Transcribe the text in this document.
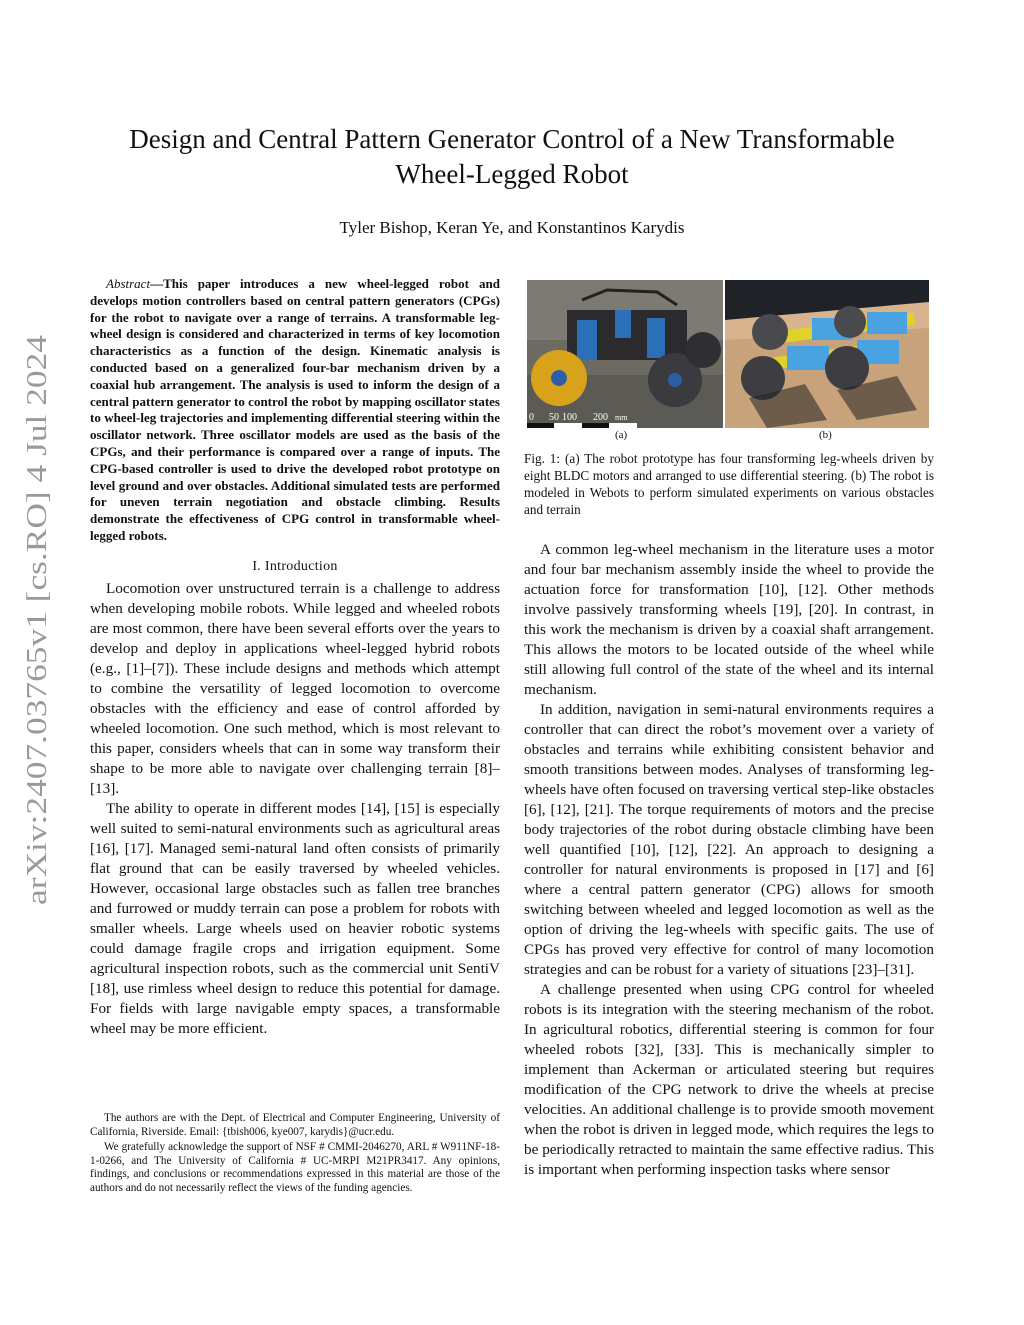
arXiv:2407.03765v1 [cs.RO] 4 Jul 2024
Design and Central Pattern Generator Control of a New Transformable
Wheel-Legged Robot
Tyler Bishop, Keran Ye, and Konstantinos Karydis

Abstract—This paper introduces a new wheel-legged robot and develops motion controllers based on central pattern generators (CPGs) for the robot to navigate over a range of terrains. A transformable leg-wheel design is considered and characterized in terms of key locomotion characteristics as a function of the design. Kinematic analysis is conducted based on a generalized four-bar mechanism driven by a coaxial hub arrangement. The analysis is used to inform the design of a central pattern generator to control the robot by mapping oscillator states to wheel-leg trajectories and implementing differential steering within the oscillator network. Three oscillator models are used as the basis of the CPGs, and their performance is compared over a range of inputs. The CPG-based controller is used to drive the developed robot prototype on level ground and over obstacles. Additional simulated tests are performed for uneven terrain negotiation and obstacle climbing. Results demonstrate the effectiveness of CPG control in transformable wheel-legged robots.

I. Introduction

Locomotion over unstructured terrain is a challenge to address when developing mobile robots. While legged and wheeled robots are most common, there have been several efforts over the years to develop and deploy in applications wheel-legged hybrid robots (e.g., [1]–[7]). These include designs and methods which attempt to combine the versatility of legged locomotion to overcome obstacles with the efficiency and ease of control afforded by wheeled locomotion. One such method, which is most relevant to this paper, considers wheels that can in some way transform their shape to be more able to navigate over challenging terrain [8]–[13].

The ability to operate in different modes [14], [15] is especially well suited to semi-natural environments such as agricultural areas [16], [17]. Managed semi-natural land often consists of primarily flat ground that can be easily traversed by wheeled vehicles. However, occasional large obstacles such as fallen tree branches and furrowed or muddy terrain can pose a problem for robots with smaller wheels. Large wheels used on heavier robotic systems could damage fragile crops and irrigation equipment. Some agricultural inspection robots, such as the commercial unit SentiV [18], use rimless wheel design to reduce this potential for damage. For fields with large navigable empty spaces, a transformable wheel may be more efficient.

The authors are with the Dept. of Electrical and Computer Engineering, University of California, Riverside. Email: {tbish006, kye007, karydis}@ucr.edu.

We gratefully acknowledge the support of NSF # CMMI-2046270, ARL # W911NF-18-1-0266, and The University of California # UC-MRPI M21PR3417. Any opinions, findings, and conclusions or recommendations expressed in this material are those of the authors and do not necessarily reflect the views of the funding agencies.

0 50 100 200 mm
(a)	(b)

Fig. 1: (a) The robot prototype has four transforming leg-wheels driven by eight BLDC motors and arranged to use differential steering. (b) The robot is modeled in Webots to perform simulated experiments on various obstacles and terrain

A common leg-wheel mechanism in the literature uses a motor and four bar mechanism assembly inside the wheel to provide the actuation force for transformation [10], [12]. Other methods involve passively transforming wheels [19], [20]. In contrast, in this work the mechanism is driven by a coaxial shaft arrangement. This allows the motors to be located outside of the wheel while still allowing full control of the state of the wheel and its internal mechanism.

In addition, navigation in semi-natural environments requires a controller that can direct the robot’s movement over a variety of obstacles and terrains while exhibiting consistent behavior and smooth transitions between modes. Analyses of transforming leg-wheels have often focused on traversing vertical step-like obstacles [6], [12], [21]. The torque requirements of motors and the precise body trajectories of the robot during obstacle climbing have been well quantified [10], [12], [22]. An approach to designing a controller for natural environments is proposed in [17] and [6] where a central pattern generator (CPG) allows for smooth switching between wheeled and legged locomotion as well as the option of driving the leg-wheels with specific gaits. The use of CPGs has proved very effective for control of many locomotion strategies and can be robust for a variety of situations [23]–[31].

A challenge presented when using CPG control for wheeled robots is its integration with the steering mechanism of the robot. In agricultural robotics, differential steering is common for four wheeled robots [32], [33]. This is mechanically simpler to implement than Ackerman or articulated steering but requires modification of the CPG network to drive the wheels at precise velocities. An additional challenge is to provide smooth movement when the robot is driven in legged mode, which requires the legs to be periodically retracted to maintain the same effective radius. This is important when performing inspection tasks where sensor
